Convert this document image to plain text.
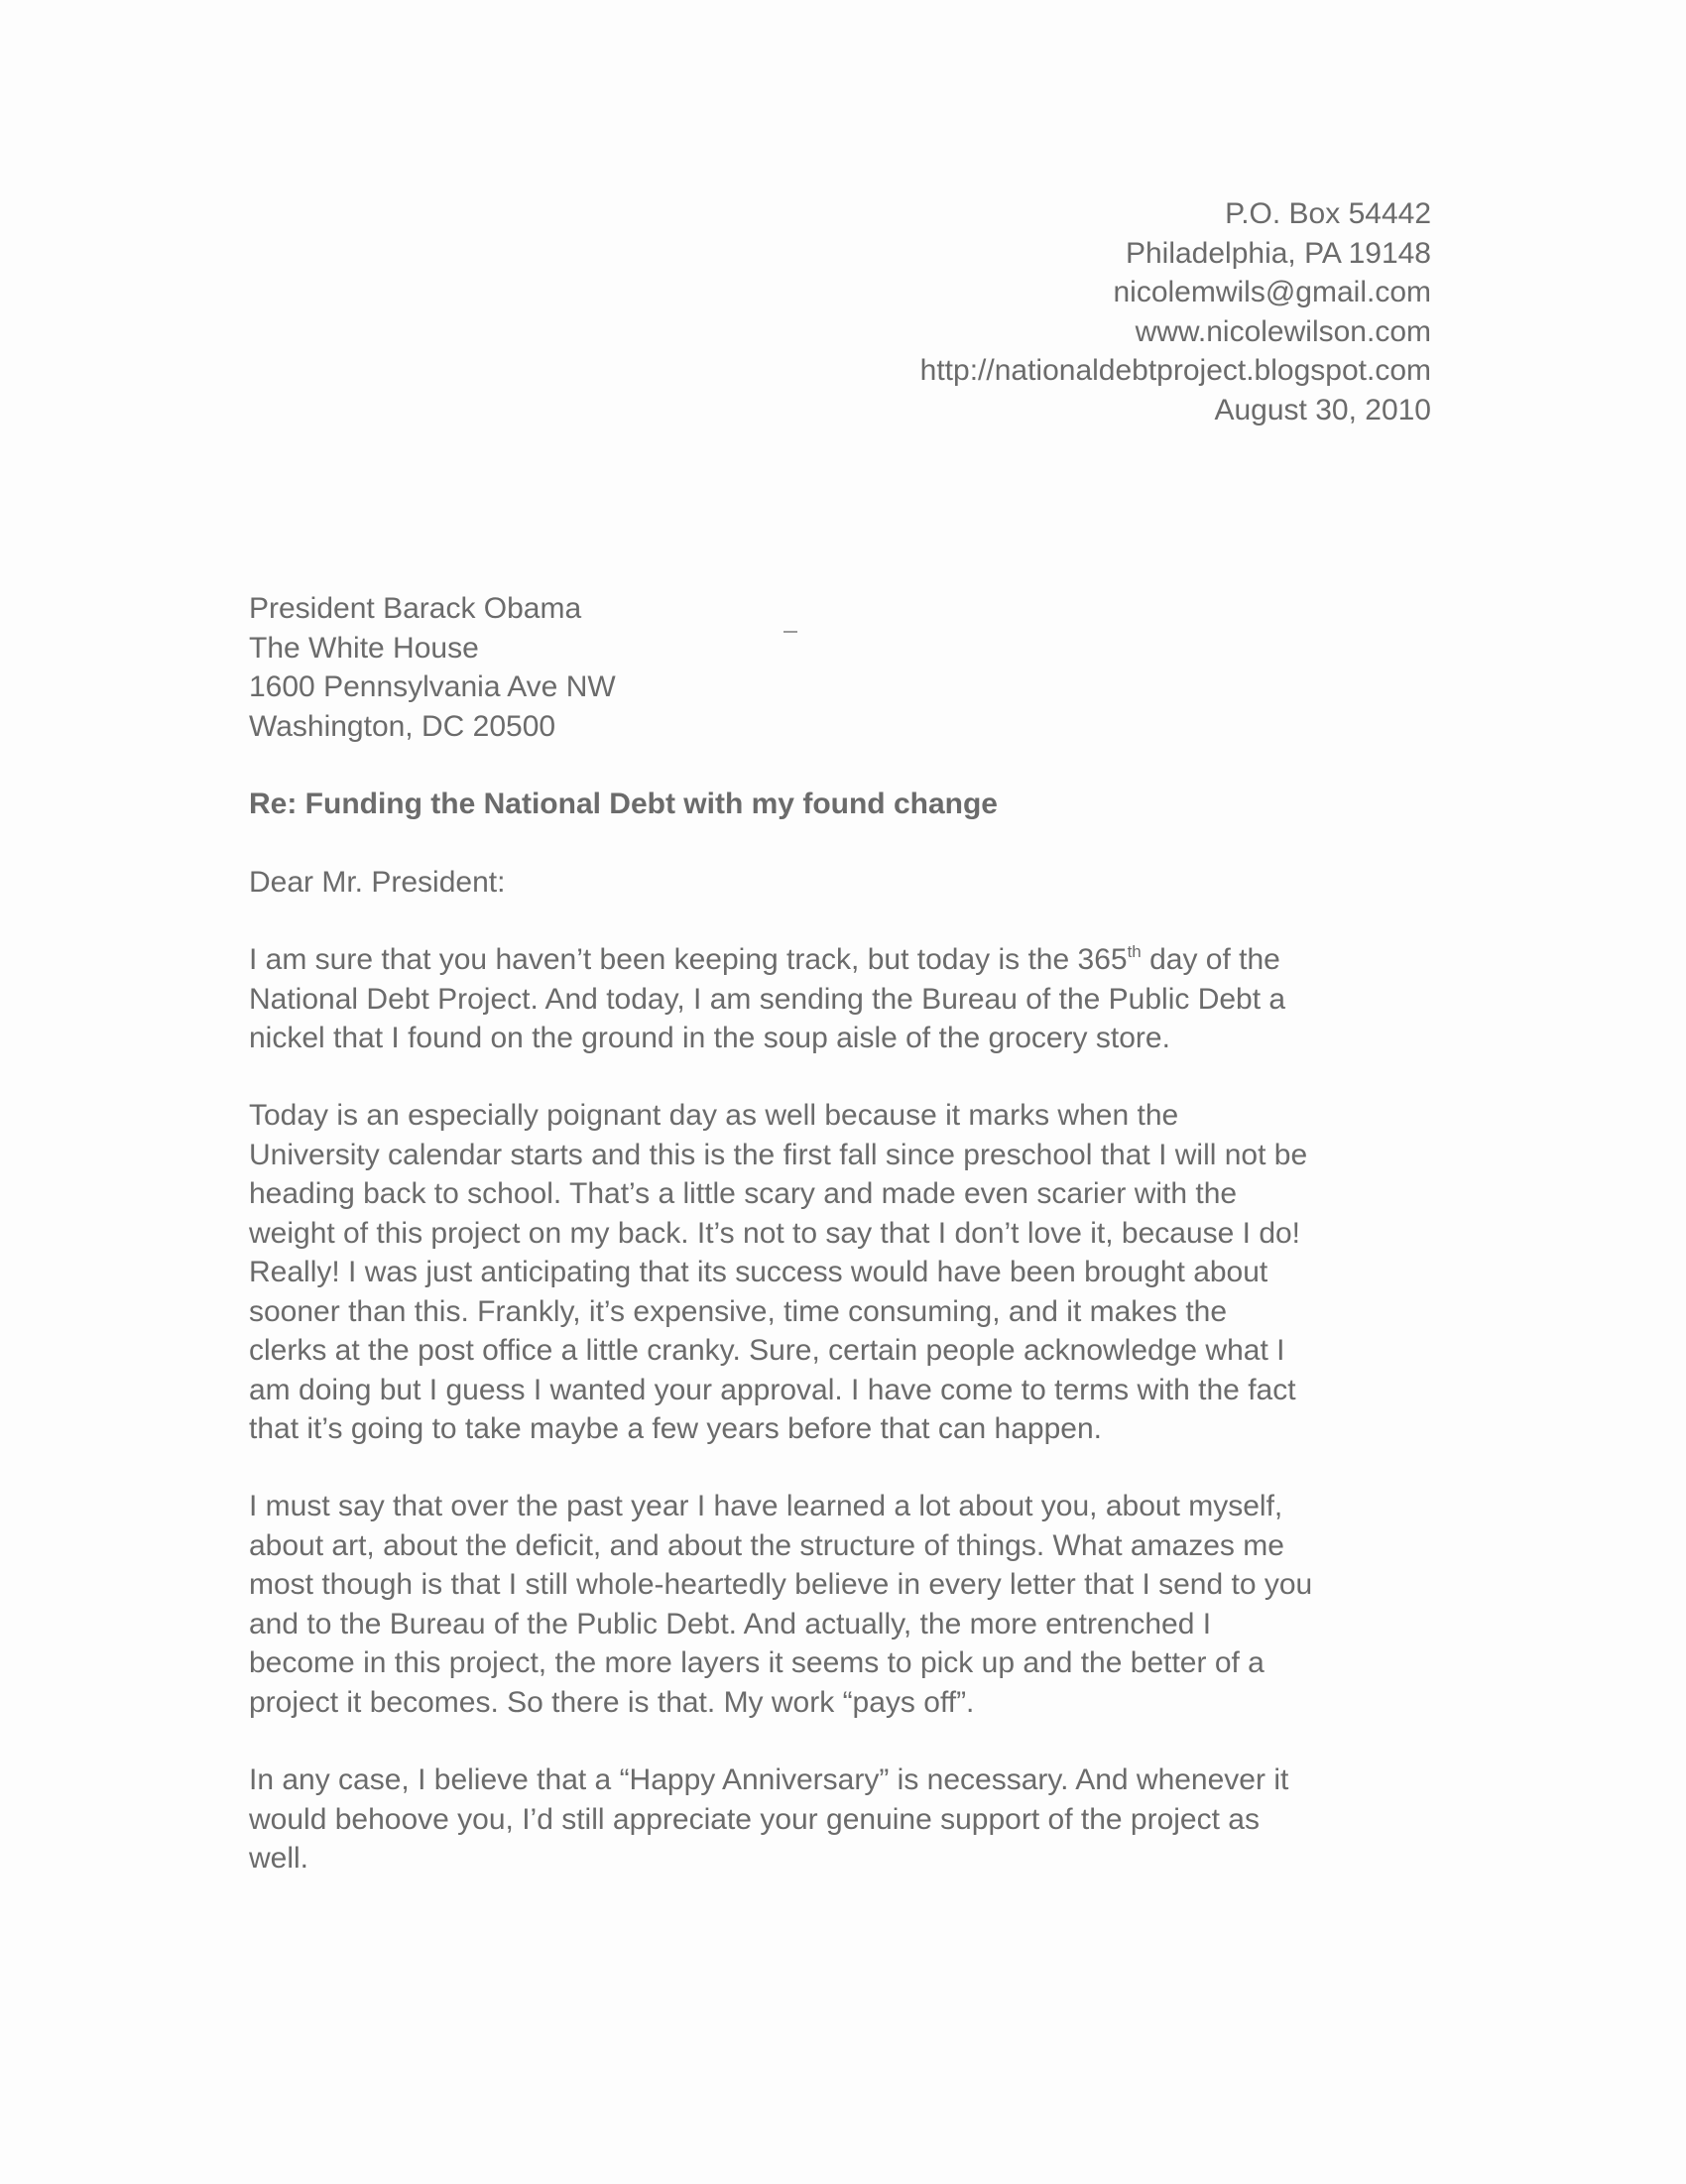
P.O. Box 54442
Philadelphia, PA 19148
nicolemwils@gmail.com
www.nicolewilson.com
http://nationaldebtproject.blogspot.com
August 30, 2010
President Barack Obama
The White House
1600 Pennsylvania Ave NW
Washington, DC 20500
Re: Funding the National Debt with my found change
Dear Mr. President:
I am sure that you haven’t been keeping track, but today is the 365th day of the
National Debt Project. And today, I am sending the Bureau of the Public Debt a
nickel that I found on the ground in the soup aisle of the grocery store.
Today is an especially poignant day as well because it marks when the
University calendar starts and this is the first fall since preschool that I will not be
heading back to school. That’s a little scary and made even scarier with the
weight of this project on my back. It’s not to say that I don’t love it, because I do!
Really! I was just anticipating that its success would have been brought about
sooner than this. Frankly, it’s expensive, time consuming, and it makes the
clerks at the post office a little cranky. Sure, certain people acknowledge what I
am doing but I guess I wanted your approval. I have come to terms with the fact
that it’s going to take maybe a few years before that can happen.
I must say that over the past year I have learned a lot about you, about myself,
about art, about the deficit, and about the structure of things. What amazes me
most though is that I still whole-heartedly believe in every letter that I send to you
and to the Bureau of the Public Debt. And actually, the more entrenched I
become in this project, the more layers it seems to pick up and the better of a
project it becomes. So there is that. My work “pays off”.
In any case, I believe that a “Happy Anniversary” is necessary. And whenever it
would behoove you, I’d still appreciate your genuine support of the project as
well.
